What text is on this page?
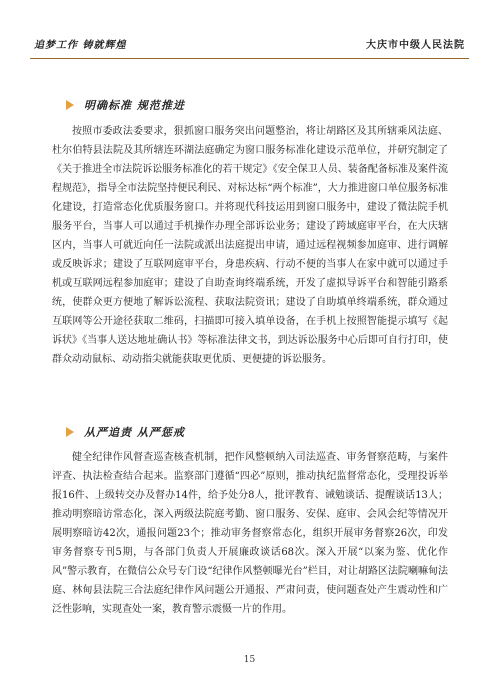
追梦工作 铸就辉煌	大庆市中级人民法院
明确标准 规范推进

按照市委政法委要求，狠抓窗口服务突出问题整治，将让胡路区及其所辖乘风法庭、杜尔伯特县法院及其所辖连环湖法庭确定为窗口服务标准化建设示范单位，并研究制定了《关于推进全市法院诉讼服务标准化的若干规定》《安全保卫人员、装备配备标准及案件流程规范》，指导全市法院坚持便民利民、对标达标“两个标准”，大力推进窗口单位服务标准化建设，打造常态化优质服务窗口。并将现代科技运用到窗口服务中，建设了微法院手机服务平台，当事人可以通过手机操作办理全部诉讼业务；建设了跨域庭审平台，在大庆辖区内，当事人可就近向任一法院或派出法庭提出申请，通过远程视频参加庭审、进行调解或反映诉求；建设了互联网庭审平台，身患疾病、行动不便的当事人在家中就可以通过手机或互联网远程参加庭审；建设了自助查询终端系统，开发了虚拟导诉平台和智能引路系统，使群众更方便地了解诉讼流程、获取法院资讯；建设了自助填单终端系统，群众通过互联网等公开途径获取二维码，扫描即可接入填单设备，在手机上按照智能提示填写《起诉状》《当事人送达地址确认书》等标准法律文书，到达诉讼服务中心后即可自行打印，使群众动动鼠标、动动指尖就能获取更优质、更便捷的诉讼服务。

从严追责 从严惩戒

健全纪律作风督查巡查核查机制，把作风整顿纳入司法巡查、审务督察范畴，与案件评查、执法检查结合起来。监察部门遵循“四必”原则，推动执纪监督常态化，受理投诉举报16件、上级转交办及督办14件，给予处分8人，批评教育、诫勉谈话、提醒谈话13人；推动明察暗访常态化，深入两级法院庭考勤、窗口服务、安保、庭审、会风会纪等情况开展明察暗访42次，通报问题23个；推动审务督察常态化，组织开展审务督察26次，印发审务督察专刊5期，与各部门负责人开展廉政谈话68次。深入开展“以案为鉴、优化作风”警示教育，在微信公众号专门设“纪律作风整顿曝光台”栏目，对让胡路区法院喇嘛甸法庭、林甸县法院三合法庭纪律作风问题公开通报、严肃问责，使问题查处产生震动性和广泛性影响，实现查处一案，教育警示震慑一片的作用。

15
